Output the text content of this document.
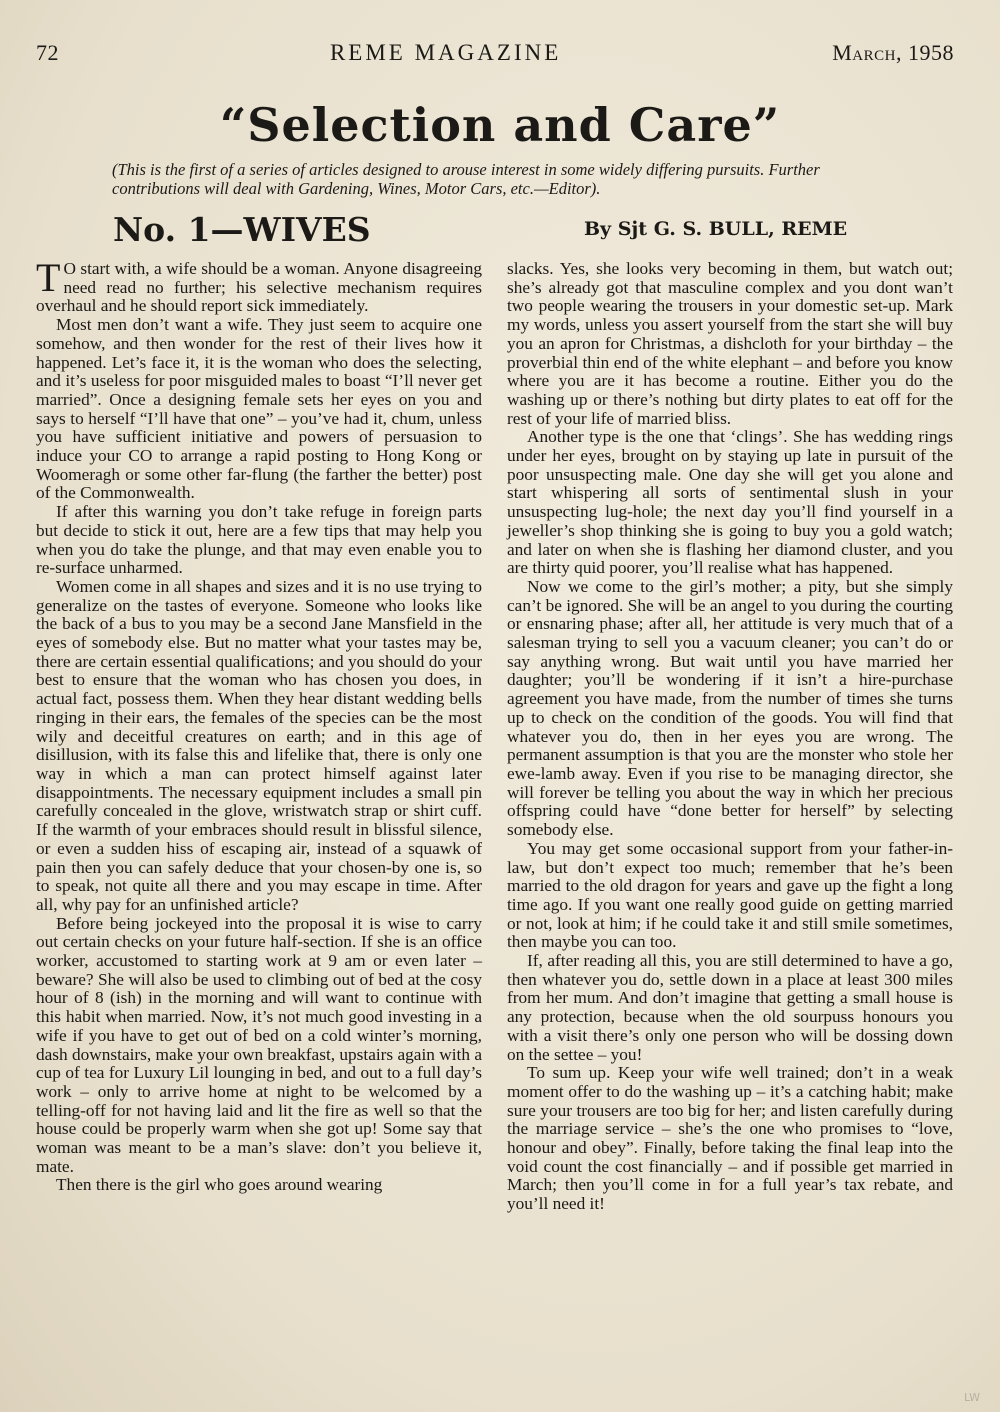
72	REME MAGAZINE	March, 1958
“Selection and Care”
(This is the first of a series of articles designed to arouse interest in some widely differing pursuits. Further contributions will deal with Gardening, Wines, Motor Cars, etc.—Editor).
No. 1—WIVES	By Sjt G. S. BULL, REME

T O start with, a wife should be a woman. Anyone disagreeing need read no further; his selective mechanism requires overhaul and he should report sick immediately.

Most men don’t want a wife. They just seem to acquire one somehow, and then wonder for the rest of their lives how it happened. Let’s face it, it is the woman who does the selecting, and it’s useless for poor misguided males to boast “I’ll never get married”. Once a designing female sets her eyes on you and says to herself “I’ll have that one” – you’ve had it, chum, unless you have sufficient initiative and powers of persuasion to induce your CO to arrange a rapid posting to Hong Kong or Woomeragh or some other far-flung (the farther the better) post of the Commonwealth.

If after this warning you don’t take refuge in foreign parts but decide to stick it out, here are a few tips that may help you when you do take the plunge, and that may even enable you to re-surface unharmed.

Women come in all shapes and sizes and it is no use trying to generalize on the tastes of everyone. Someone who looks like the back of a bus to you may be a second Jane Mansfield in the eyes of somebody else. But no matter what your tastes may be, there are certain essential qualifications; and you should do your best to ensure that the woman who has chosen you does, in actual fact, possess them. When they hear distant wedding bells ringing in their ears, the females of the species can be the most wily and deceitful creatures on earth; and in this age of disillusion, with its false this and lifelike that, there is only one way in which a man can protect himself against later disappointments. The necessary equipment includes a small pin carefully concealed in the glove, wristwatch strap or shirt cuff. If the warmth of your embraces should result in blissful silence, or even a sudden hiss of escaping air, instead of a squawk of pain then you can safely deduce that your chosen-by one is, so to speak, not quite all there and you may escape in time. After all, why pay for an unfinished article?

Before being jockeyed into the proposal it is wise to carry out certain checks on your future half-section. If she is an office worker, accustomed to starting work at 9 am or even later – beware? She will also be used to climbing out of bed at the cosy hour of 8 (ish) in the morning and will want to continue with this habit when married. Now, it’s not much good investing in a wife if you have to get out of bed on a cold winter’s morning, dash downstairs, make your own breakfast, upstairs again with a cup of tea for Luxury Lil lounging in bed, and out to a full day’s work – only to arrive home at night to be welcomed by a telling-off for not having laid and lit the fire as well so that the house could be properly warm when she got up! Some say that woman was meant to be a man’s slave: don’t you believe it, mate.

Then there is the girl who goes around wearing

slacks. Yes, she looks very becoming in them, but watch out; she’s already got that masculine complex and you dont wan’t two people wearing the trousers in your domestic set-up. Mark my words, unless you assert yourself from the start she will buy you an apron for Christmas, a dishcloth for your birthday – the proverbial thin end of the white elephant – and before you know where you are it has become a routine. Either you do the washing up or there’s nothing but dirty plates to eat off for the rest of your life of married bliss.

Another type is the one that ‘clings’. She has wedding rings under her eyes, brought on by staying up late in pursuit of the poor unsuspecting male. One day she will get you alone and start whispering all sorts of sentimental slush in your unsuspecting lug-hole; the next day you’ll find yourself in a jeweller’s shop thinking she is going to buy you a gold watch; and later on when she is flashing her diamond cluster, and you are thirty quid poorer, you’ll realise what has happened.

Now we come to the girl’s mother; a pity, but she simply can’t be ignored. She will be an angel to you during the courting or ensnaring phase; after all, her attitude is very much that of a salesman trying to sell you a vacuum cleaner; you can’t do or say anything wrong. But wait until you have married her daughter; you’ll be wondering if it isn’t a hire-purchase agreement you have made, from the number of times she turns up to check on the condition of the goods. You will find that whatever you do, then in her eyes you are wrong. The permanent assumption is that you are the monster who stole her ewe-lamb away. Even if you rise to be managing director, she will forever be telling you about the way in which her precious offspring could have “done better for herself” by selecting somebody else.

You may get some occasional support from your father-in-law, but don’t expect too much; remember that he’s been married to the old dragon for years and gave up the fight a long time ago. If you want one really good guide on getting married or not, look at him; if he could take it and still smile sometimes, then maybe you can too.

If, after reading all this, you are still determined to have a go, then whatever you do, settle down in a place at least 300 miles from her mum. And don’t imagine that getting a small house is any protection, because when the old sourpuss honours you with a visit there’s only one person who will be dossing down on the settee – you!

To sum up. Keep your wife well trained; don’t in a weak moment offer to do the washing up – it’s a catching habit; make sure your trousers are too big for her; and listen carefully during the marriage service – she’s the one who promises to “love, honour and obey”. Finally, before taking the final leap into the void count the cost financially – and if possible get married in March; then you’ll come in for a full year’s tax rebate, and you’ll need it!

LW
